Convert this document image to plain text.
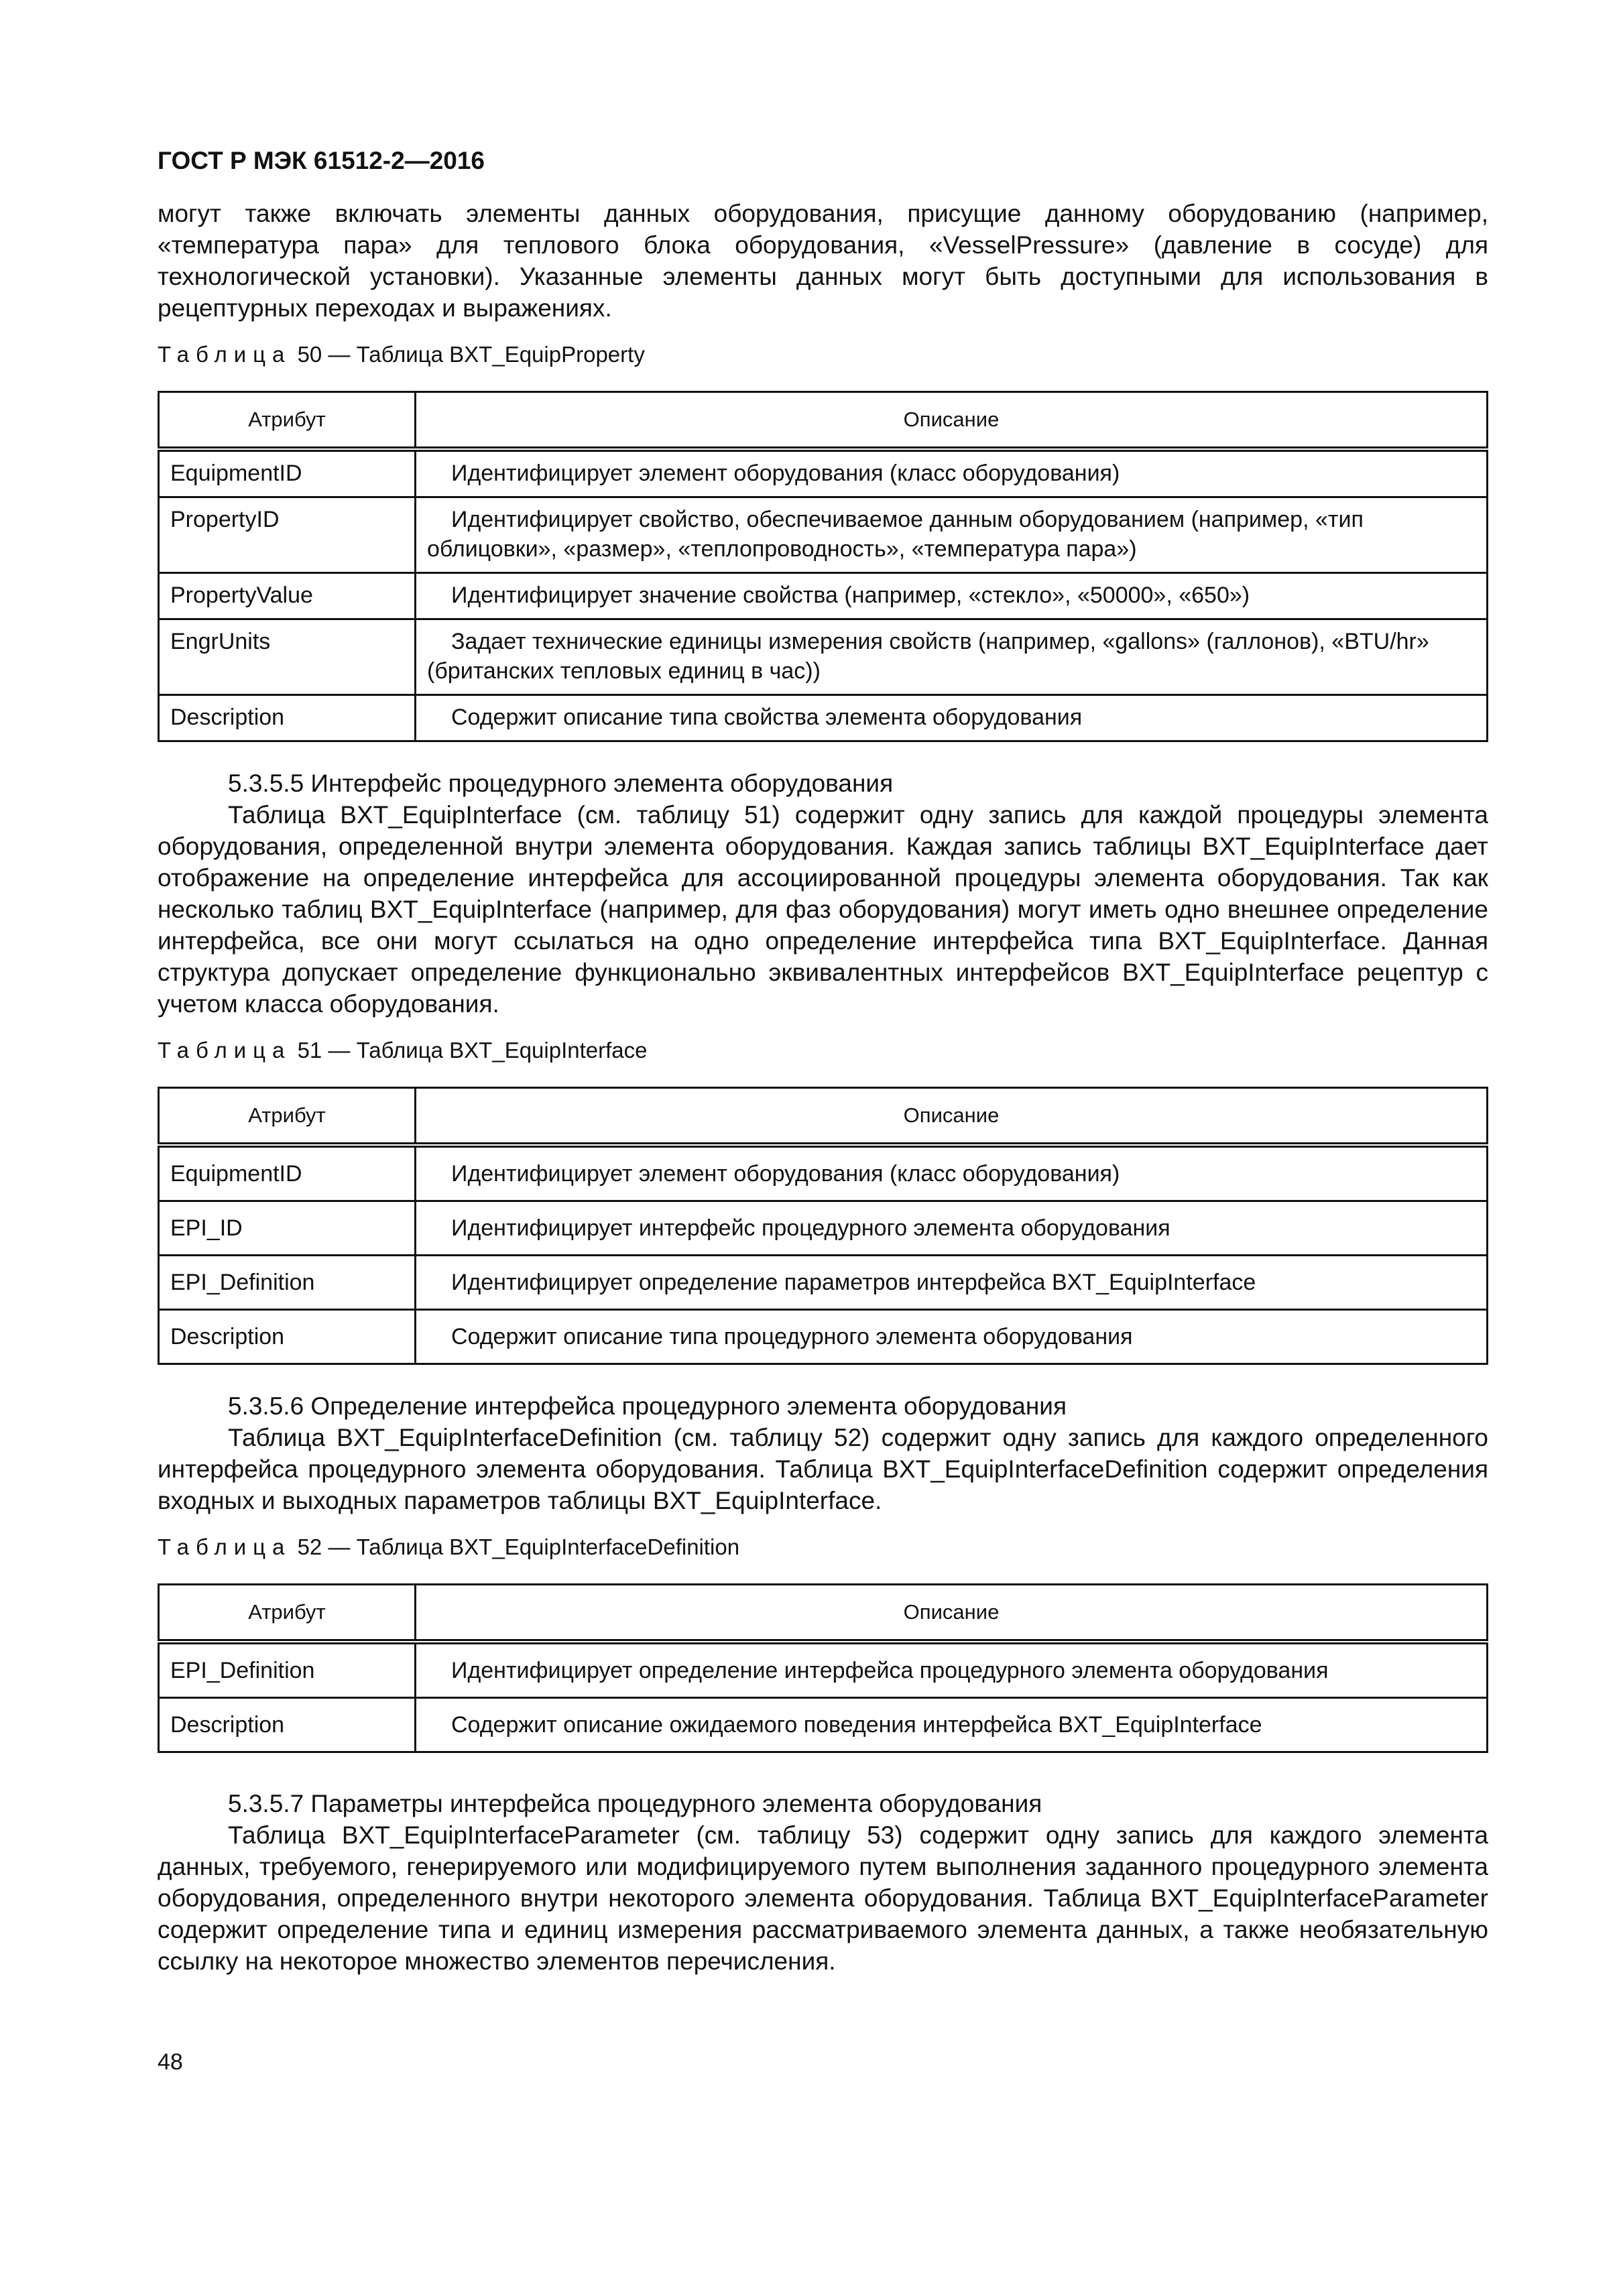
ГОСТ Р МЭК 61512-2—2016

могут также включать элементы данных оборудования, присущие данному оборудованию (например, «температура пара» для теплового блока оборудования, «VesselPressure» (давление в сосуде) для технологической установки). Указанные элементы данных могут быть доступными для использования в рецептурных переходах и выражениях.

Таблица 50 — Таблица BXT_EquipProperty
Атрибут	Описание
EquipmentID	Идентифицирует элемент оборудования (класс оборудования)
PropertyID	Идентифицирует свойство, обеспечиваемое данным оборудованием (например, «тип облицовки», «размер», «теплопроводность», «температура пара»)
PropertyValue	Идентифицирует значение свойства (например, «стекло», «50000», «650»)
EngrUnits	Задает технические единицы измерения свойств (например, «gallons» (галлонов), «BTU/hr» (британских тепловых единиц в час))
Description	Содержит описание типа свойства элемента оборудования

5.3.5.5 Интерфейс процедурного элемента оборудования

Таблица BXT_EquipInterface (см. таблицу 51) содержит одну запись для каждой процедуры элемента оборудования, определенной внутри элемента оборудования. Каждая запись таблицы BXT_EquipInterface дает отображение на определение интерфейса для ассоциированной процедуры элемента оборудования. Так как несколько таблиц BXT_EquipInterface (например, для фаз оборудования) могут иметь одно внешнее определение интерфейса, все они могут ссылаться на одно определение интерфейса типа BXT_EquipInterface. Данная структура допускает определение функционально эквивалентных интерфейсов BXT_EquipInterface рецептур с учетом класса оборудования.

Таблица 51 — Таблица BXT_EquipInterface
Атрибут	Описание
EquipmentID	Идентифицирует элемент оборудования (класс оборудования)
EPI_ID	Идентифицирует интерфейс процедурного элемента оборудования
EPI_Definition	Идентифицирует определение параметров интерфейса BXT_EquipInterface
Description	Содержит описание типа процедурного элемента оборудования

5.3.5.6 Определение интерфейса процедурного элемента оборудования

Таблица BXT_EquipInterfaceDefinition (см. таблицу 52) содержит одну запись для каждого определенного интерфейса процедурного элемента оборудования. Таблица BXT_EquipInterfaceDefinition содержит определения входных и выходных параметров таблицы BXT_EquipInterface.

Таблица 52 — Таблица BXT_EquipInterfaceDefinition
Атрибут	Описание
EPI_Definition	Идентифицирует определение интерфейса процедурного элемента оборудования
Description	Содержит описание ожидаемого поведения интерфейса BXT_EquipInterface

5.3.5.7 Параметры интерфейса процедурного элемента оборудования

Таблица BXT_EquipInterfaceParameter (см. таблицу 53) содержит одну запись для каждого элемента данных, требуемого, генерируемого или модифицируемого путем выполнения заданного процедурного элемента оборудования, определенного внутри некоторого элемента оборудования. Таблица BXT_EquipInterfaceParameter содержит определение типа и единиц измерения рассматриваемого элемента данных, а также необязательную ссылку на некоторое множество элементов перечисления.

48
